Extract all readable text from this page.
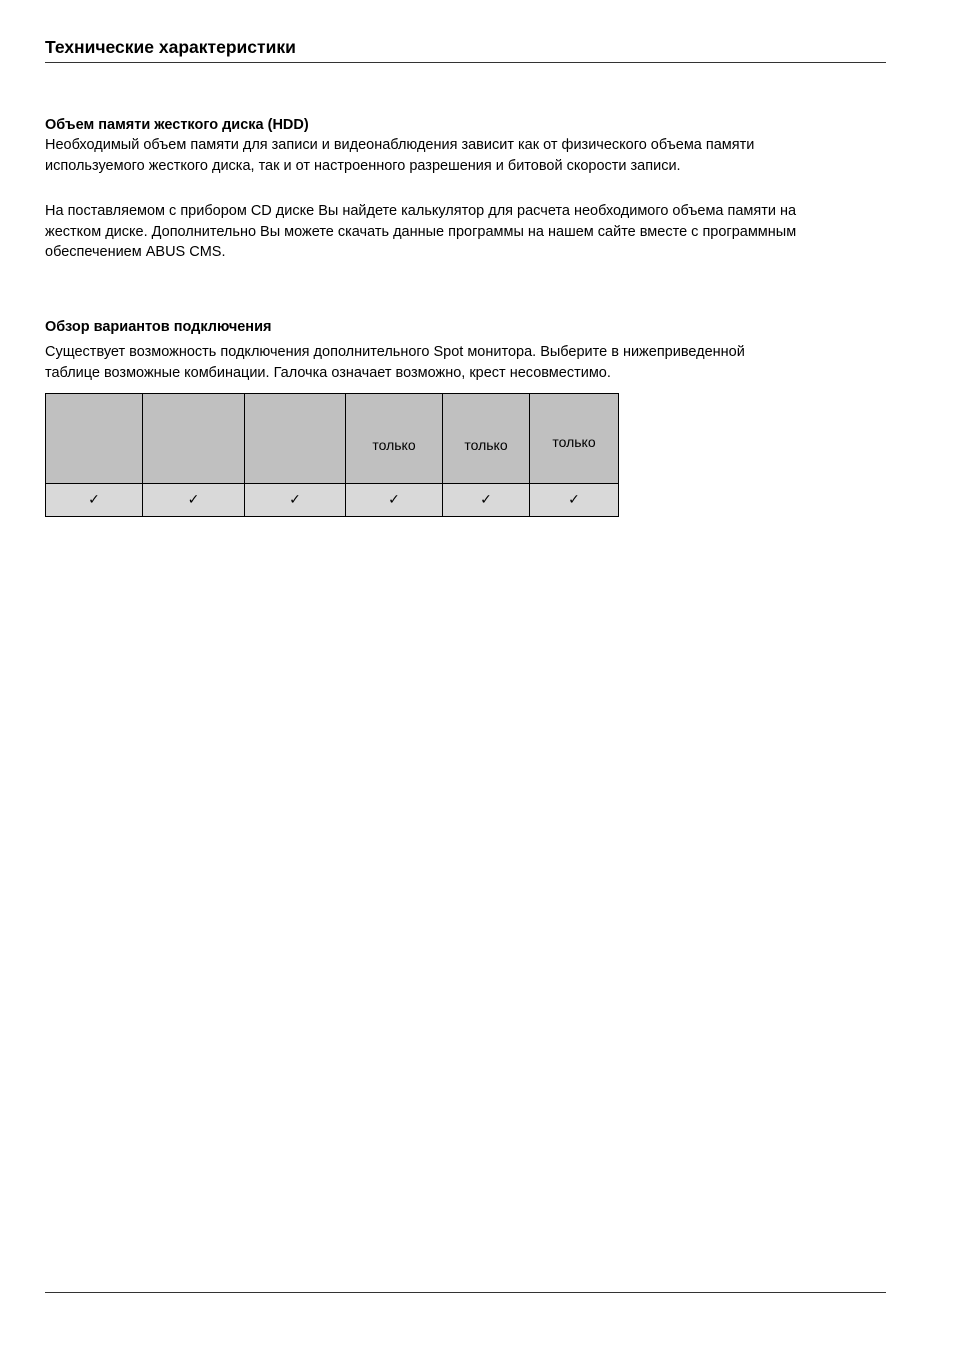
Технические характеристики
Объем памяти жесткого диска (HDD)
Необходимый объем памяти для записи и видеонаблюдения зависит как от физического объема памяти
используемого жесткого диска, так и от настроенного разрешения и битовой скорости записи.
На поставляемом с прибором CD диске Вы найдете калькулятор для расчета необходимого объема памяти на
жестком диске. Дополнительно Вы можете скачать данные программы на нашем сайте вместе с программным
обеспечением ABUS CMS.
Обзор вариантов подключения
Существует возможность подключения дополнительного Spot монитора. Выберите в нижеприведенной
таблице возможные комбинации. Галочка означает возможно, крест несовместимо.
			только	только	только
✓	✓	✓	✓	✓	✓
